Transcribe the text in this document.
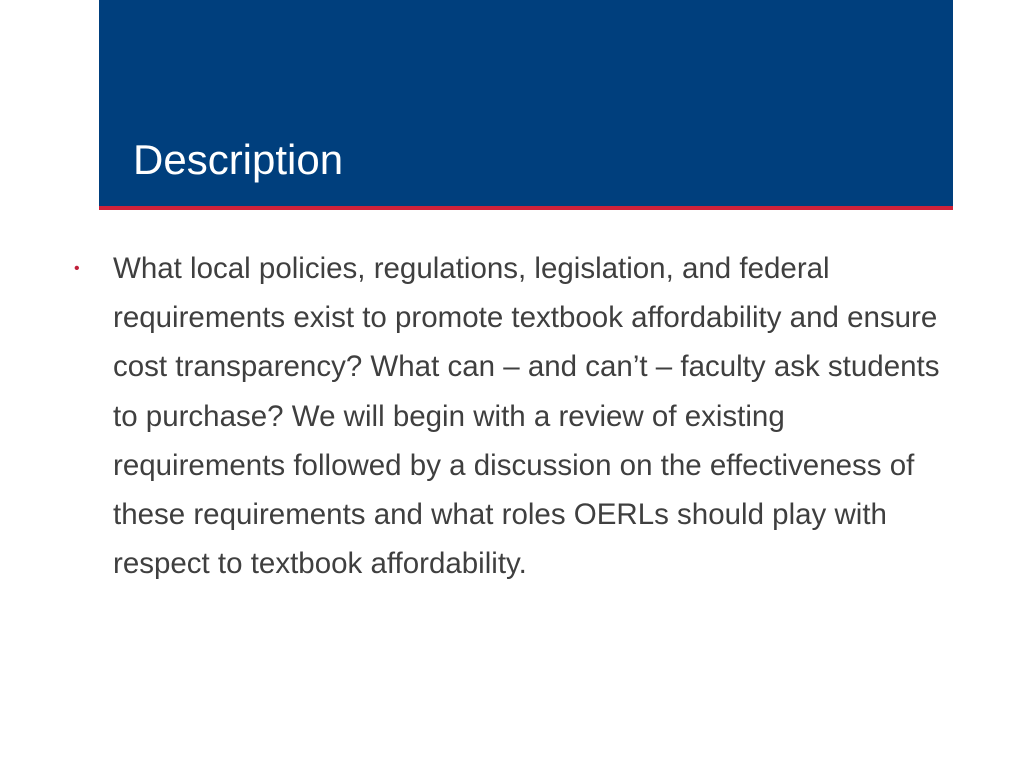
Description
• What local policies, regulations, legislation, and federal requirements exist to promote textbook affordability and ensure cost transparency? What can – and can’t – faculty ask students to purchase? We will begin with a review of existing requirements followed by a discussion on the effectiveness of these requirements and what roles OERLs should play with respect to textbook affordability.
